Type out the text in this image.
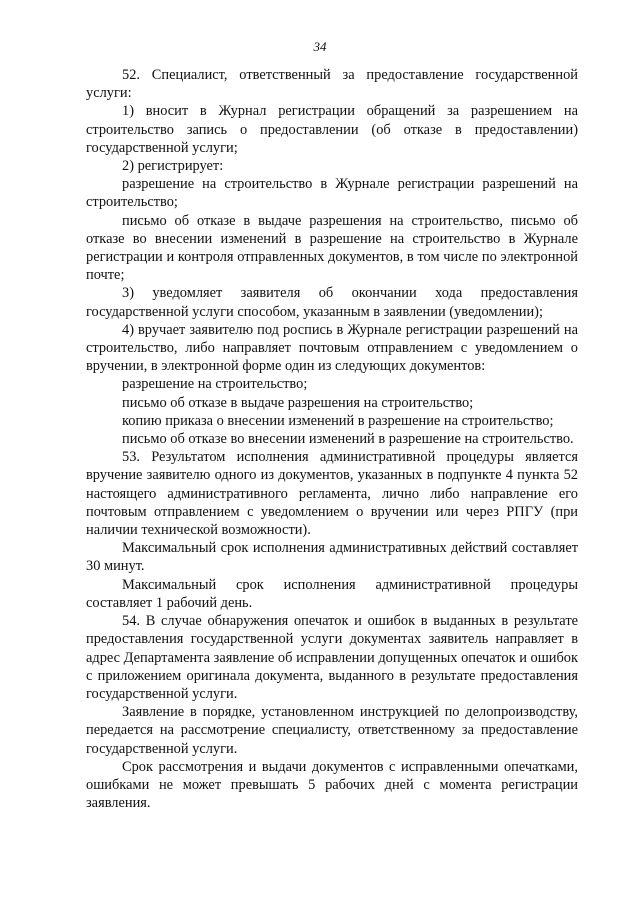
34

52. Специалист, ответственный за предоставление государственной услуги:

1) вносит в Журнал регистрации обращений за разрешением на строительство запись о предоставлении (об отказе в предоставлении) государственной услуги;

2) регистрирует:

разрешение на строительство в Журнале регистрации разрешений на строительство;

письмо об отказе в выдаче разрешения на строительство, письмо об отказе во внесении изменений в разрешение на строительство в Журнале регистрации и контроля отправленных документов, в том числе по электронной почте;

3) уведомляет заявителя об окончании хода предоставления государственной услуги способом, указанным в заявлении (уведомлении);

4) вручает заявителю под роспись в Журнале регистрации разрешений на строительство, либо направляет почтовым отправлением с уведомлением о вручении, в электронной форме один из следующих документов:

разрешение на строительство;

письмо об отказе в выдаче разрешения на строительство;

копию приказа о внесении изменений в разрешение на строительство;

письмо об отказе во внесении изменений в разрешение на строительство.

53. Результатом исполнения административной процедуры является вручение заявителю одного из документов, указанных в подпункте 4 пункта 52 настоящего административного регламента, лично либо направление его почтовым отправлением с уведомлением о вручении или через РПГУ (при наличии технической возможности).

Максимальный срок исполнения административных действий составляет 30 минут.

Максимальный срок исполнения административной процедуры составляет 1 рабочий день.

54. В случае обнаружения опечаток и ошибок в выданных в результате предоставления государственной услуги документах заявитель направляет в адрес Департамента заявление об исправлении допущенных опечаток и ошибок с приложением оригинала документа, выданного в результате предоставления государственной услуги.

Заявление в порядке, установленном инструкцией по делопроизводству, передается на рассмотрение специалисту, ответственному за предоставление государственной услуги.

Срок рассмотрения и выдачи документов с исправленными опечатками, ошибками не может превышать 5 рабочих дней с момента регистрации заявления.
